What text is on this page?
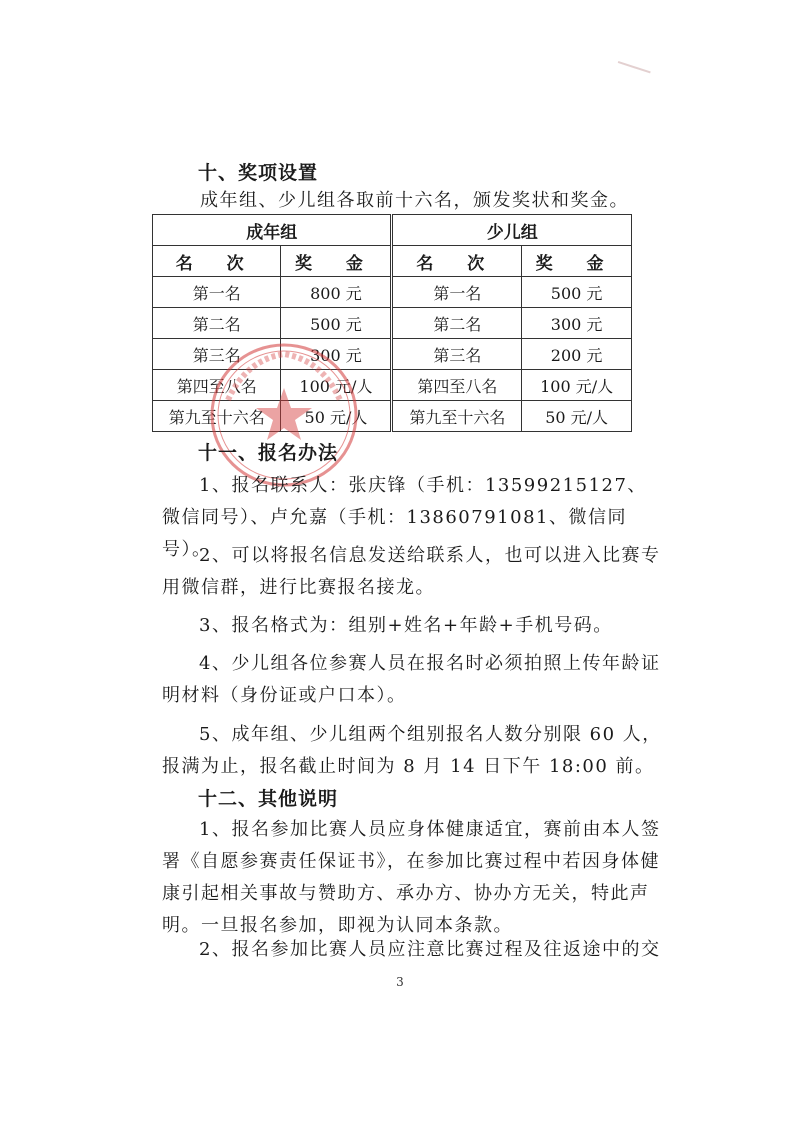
十、奖项设置
成年组、少儿组各取前十六名，颁发奖状和奖金。
成年组		少儿组	
名 次	奖 金	名 次	奖 金
第一名	800 元	第一名	500 元
第二名	500 元	第二名	300 元
第三名	300 元	第三名	200 元
第四至八名	100 元/人	第四至八名	100 元/人
第九至十六名	50 元/人	第九至十六名	50 元/人
十一、报名办法
1、报名联系人：张庆锋（手机：13599215127、微信同号）、卢允嘉（手机：13860791081、微信同号）。
2、可以将报名信息发送给联系人，也可以进入比赛专用微信群，进行比赛报名接龙。
3、报名格式为：组别+姓名+年龄+手机号码。
4、少儿组各位参赛人员在报名时必须拍照上传年龄证明材料（身份证或户口本）。
5、成年组、少儿组两个组别报名人数分别限 60 人，报满为止，报名截止时间为 8 月 14 日下午 18:00 前。
十二、其他说明
1、报名参加比赛人员应身体健康适宜，赛前由本人签署《自愿参赛责任保证书》，在参加比赛过程中若因身体健康引起相关事故与赞助方、承办方、协办方无关，特此声明。一旦报名参加，即视为认同本条款。
2、报名参加比赛人员应注意比赛过程及往返途中的交
3
